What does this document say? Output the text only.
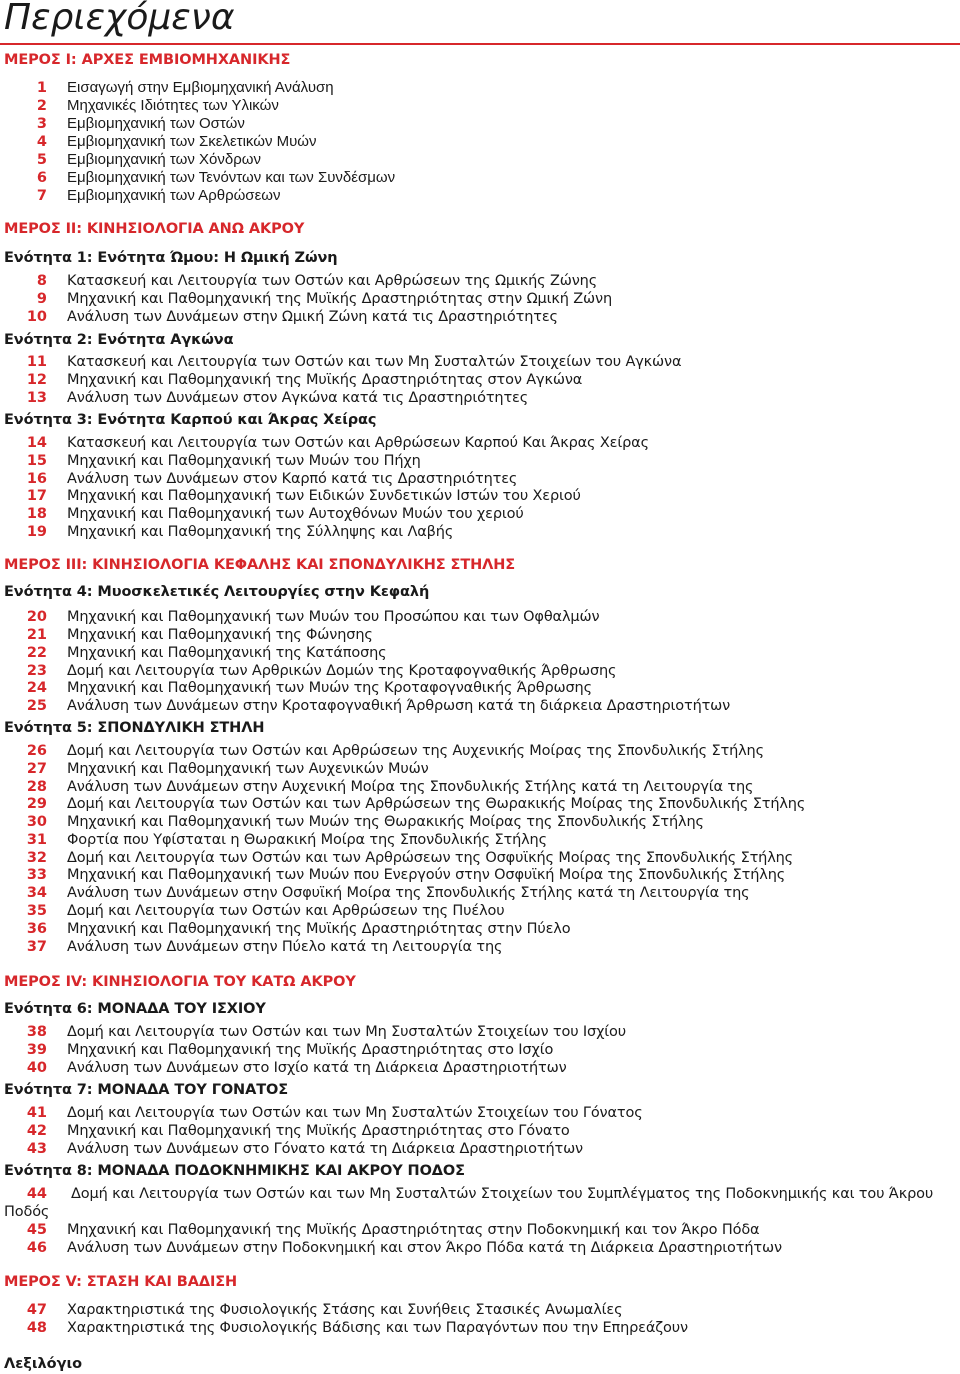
Περιεχόμενα
ΜΕΡΟΣ Ι: ΑΡΧΕΣ ΕΜΒΙΟΜΗΧΑΝΙΚΗΣ
1 Εισαγωγή στην Εμβιομηχανική Ανάλυση
2 Μηχανικές Ιδιότητες των Υλικών
3 Εμβιομηχανική των Οστών
4 Εμβιομηχανική των Σκελετικών Μυών
5 Εμβιομηχανική των Χόνδρων
6 Εμβιομηχανική των Τενόντων και των Συνδέσμων
7 Εμβιομηχανική των Αρθρώσεων
ΜΕΡΟΣ ΙΙ: ΚΙΝΗΣΙΟΛΟΓΙΑ ΑΝΩ ΑΚΡΟΥ
Ενότητα 1: Ενότητα Ώμου: Η Ωμική Ζώνη
8 Κατασκευή και Λειτουργία των Οστών και Αρθρώσεων της Ωμικής Ζώνης
9 Μηχανική και Παθομηχανική της Μυϊκής Δραστηριότητας στην Ωμική Ζώνη
10 Ανάλυση των Δυνάμεων στην Ωμική Ζώνη κατά τις Δραστηριότητες
Ενότητα 2: Ενότητα Αγκώνα
11 Κατασκευή και Λειτουργία των Οστών και των Μη Συσταλτών Στοιχείων του Αγκώνα
12 Μηχανική και Παθομηχανική της Μυϊκής Δραστηριότητας στον Αγκώνα
13 Ανάλυση των Δυνάμεων στον Αγκώνα κατά τις Δραστηριότητες
Ενότητα 3: Ενότητα Καρπού και Άκρας Χείρας
14 Κατασκευή και Λειτουργία των Οστών και Αρθρώσεων Καρπού Και Άκρας Χείρας
15 Μηχανική και Παθομηχανική των Μυών του Πήχη
16 Ανάλυση των Δυνάμεων στον Καρπό κατά τις Δραστηριότητες
17 Μηχανική και Παθομηχανική των Ειδικών Συνδετικών Ιστών του Χεριού
18 Μηχανική και Παθομηχανική των Αυτοχθόνων Μυών του χεριού
19 Μηχανική και Παθομηχανική της Σύλληψης και Λαβής
ΜΕΡΟΣ ΙΙΙ: ΚΙΝΗΣΙΟΛΟΓΙΑ ΚΕΦΑΛΗΣ ΚΑΙ ΣΠΟΝΔΥΛΙΚΗΣ ΣΤΗΛΗΣ
Ενότητα 4: Μυοσκελετικές Λειτουργίες στην Κεφαλή
20 Μηχανική και Παθομηχανική των Μυών του Προσώπου και των Οφθαλμών
21 Μηχανική και Παθομηχανική της Φώνησης
22 Μηχανική και Παθομηχανική της Κατάποσης
23 Δομή και Λειτουργία των Αρθρικών Δομών της Κροταφογναθικής Άρθρωσης
24 Μηχανική και Παθομηχανική των Μυών της Κροταφογναθικής Άρθρωσης
25 Ανάλυση των Δυνάμεων στην Κροταφογναθική Άρθρωση κατά τη διάρκεια Δραστηριοτήτων
Ενότητα 5: ΣΠΟΝΔΥΛΙΚΗ ΣΤΗΛΗ
26 Δομή και Λειτουργία των Οστών και Αρθρώσεων της Αυχενικής Μοίρας της Σπονδυλικής Στήλης
27 Μηχανική και Παθομηχανική των Αυχενικών Μυών
28 Ανάλυση των Δυνάμεων στην Αυχενική Μοίρα της Σπονδυλικής Στήλης κατά τη Λειτουργία της
29 Δομή και Λειτουργία των Οστών και των Αρθρώσεων της Θωρακικής Μοίρας της Σπονδυλικής Στήλης
30 Μηχανική και Παθομηχανική των Μυών της Θωρακικής Μοίρας της Σπονδυλικής Στήλης
31 Φορτία που Υφίσταται η Θωρακική Μοίρα της Σπονδυλικής Στήλης
32 Δομή και Λειτουργία των Οστών και των Αρθρώσεων της Οσφυϊκής Μοίρας της Σπονδυλικής Στήλης
33 Μηχανική και Παθομηχανική των Μυών που Ενεργούν στην Οσφυϊκή Μοίρα της Σπονδυλικής Στήλης
34 Ανάλυση των Δυνάμεων στην Οσφυϊκή Μοίρα της Σπονδυλικής Στήλης κατά τη Λειτουργία της
35 Δομή και Λειτουργία των Οστών και Αρθρώσεων της Πυέλου
36 Μηχανική και Παθομηχανική της Μυϊκής Δραστηριότητας στην Πύελο
37 Ανάλυση των Δυνάμεων στην Πύελο κατά τη Λειτουργία της
ΜΕΡΟΣ IV: ΚΙΝΗΣΙΟΛΟΓΙΑ ΤΟΥ ΚΑΤΩ ΑΚΡΟΥ
Ενότητα 6: ΜΟΝΑΔΑ ΤΟΥ ΙΣΧΙΟΥ
38 Δομή και Λειτουργία των Οστών και των Μη Συσταλτών Στοιχείων του Ισχίου
39 Μηχανική και Παθομηχανική της Μυϊκής Δραστηριότητας στο Ισχίο
40 Ανάλυση των Δυνάμεων στο Ισχίο κατά τη Διάρκεια Δραστηριοτήτων
Ενότητα 7: ΜΟΝΑΔΑ ΤΟΥ ΓΟΝΑΤΟΣ
41 Δομή και Λειτουργία των Οστών και των Μη Συσταλτών Στοιχείων του Γόνατος
42 Μηχανική και Παθομηχανική της Μυϊκής Δραστηριότητας στο Γόνατο
43 Ανάλυση των Δυνάμεων στο Γόνατο κατά τη Διάρκεια Δραστηριοτήτων
Ενότητα 8: ΜΟΝΑΔΑ ΠΟΔΟΚΝΗΜΙΚΗΣ ΚΑΙ ΑΚΡΟΥ ΠΟΔΟΣ
44	Δομή και Λειτουργία των Οστών και των Μη Συσταλτών Στοιχείων του Συμπλέγματος της Ποδοκνημικής και του Άκρου Ποδός
45 Μηχανική και Παθομηχανική της Μυϊκής Δραστηριότητας στην Ποδοκνημική και τον Άκρο Πόδα
46 Ανάλυση των Δυνάμεων στην Ποδοκνημική και στον Άκρο Πόδα κατά τη Διάρκεια Δραστηριοτήτων
ΜΕΡΟΣ V: ΣΤΑΣΗ ΚΑΙ ΒΑΔΙΣΗ
47 Χαρακτηριστικά της Φυσιολογικής Στάσης και Συνήθεις Στασικές Ανωμαλίες
48 Χαρακτηριστικά της Φυσιολογικής Βάδισης και των Παραγόντων που την Επηρεάζουν
Λεξιλόγιο
